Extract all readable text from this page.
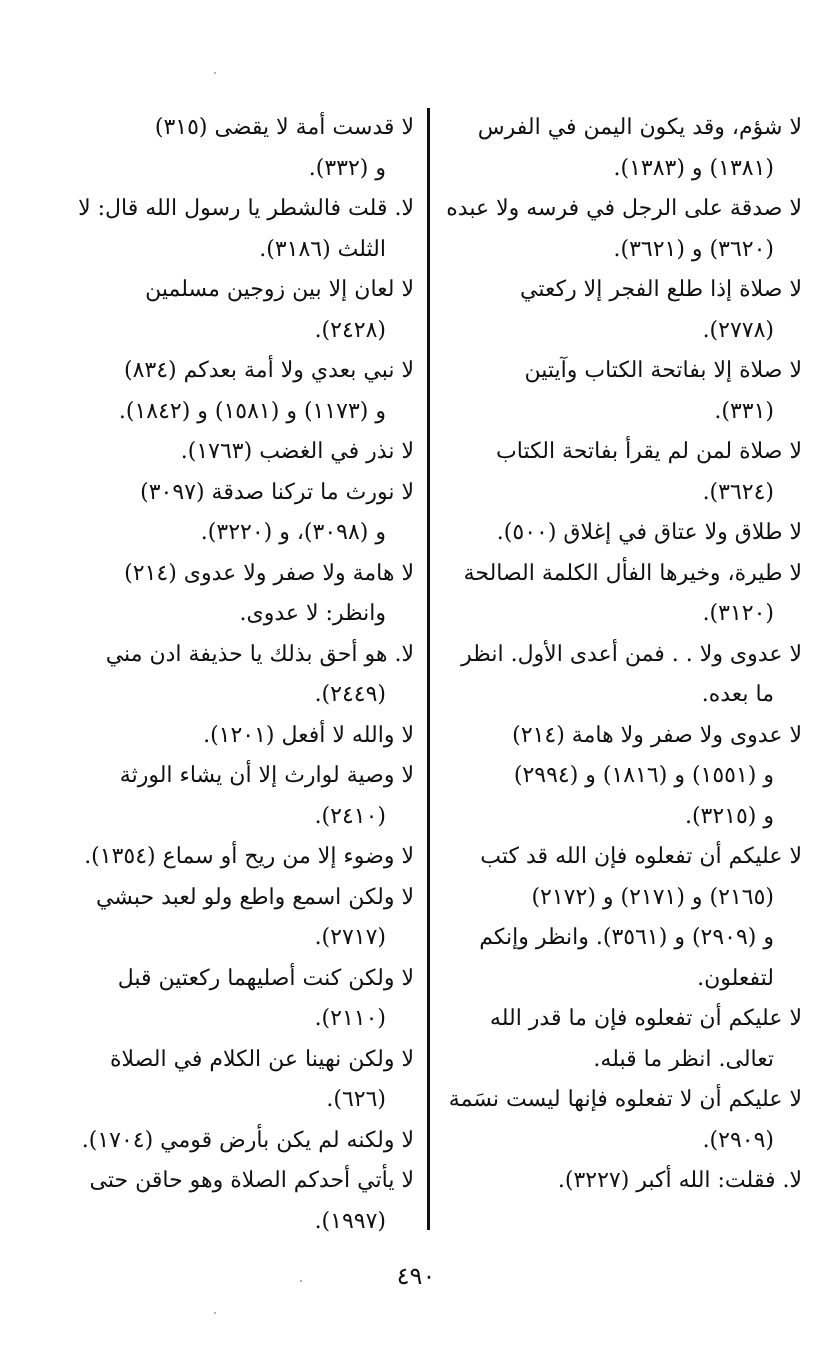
لا شؤم، وقد يكون اليمن في الفرس
(١٣٨١) و (١٣٨٣).
لا صدقة على الرجل في فرسه ولا عبده
(٣٦٢٠) و (٣٦٢١).
لا صلاة إذا طلع الفجر إلا ركعتي
(٢٧٧٨).
لا صلاة إلا بفاتحة الكتاب وآيتين
(٣٣١).
لا صلاة لمن لم يقرأ بفاتحة الكتاب
(٣٦٢٤).
لا طلاق ولا عتاق في إغلاق (٥٠٠).
لا طيرة، وخيرها الفأل الكلمة الصالحة
(٣١٢٠).
لا عدوى ولا . . فمن أعدى الأول. انظر
ما بعده.
لا عدوى ولا صفر ولا هامة (٢١٤)
و (١٥٥١) و (١٨١٦) و (٢٩٩٤)
و (٣٢١٥).
لا عليكم أن تفعلوه فإن الله قد كتب
(٢١٦٥) و (٢١٧١) و (٢١٧٢)
و (٢٩٠٩) و (٣٥٦١). وانظر وإنكم
لتفعلون.
لا عليكم أن تفعلوه فإن ما قدر الله
تعالى. انظر ما قبله.
لا عليكم أن لا تفعلوه فإنها ليست نسَمة
(٢٩٠٩).
لا. فقلت: الله أكبر (٣٢٢٧).
لا قدست أمة لا يقضى (٣١٥)
و (٣٣٢).
لا. قلت فالشطر يا رسول الله قال: لا
الثلث (٣١٨٦).
لا لعان إلا بين زوجين مسلمين
(٢٤٢٨).
لا نبي بعدي ولا أمة بعدكم (٨٣٤)
و (١١٧٣) و (١٥٨١) و (١٨٤٢).
لا نذر في الغضب (١٧٦٣).
لا نورث ما تركنا صدقة (٣٠٩٧)
و (٣٠٩٨)، و (٣٢٢٠).
لا هامة ولا صفر ولا عدوى (٢١٤)
وانظر: لا عدوى.
لا. هو أحق بذلك يا حذيفة ادن مني
(٢٤٤٩).
لا والله لا أفعل (١٢٠١).
لا وصية لوارث إلا أن يشاء الورثة
(٢٤١٠).
لا وضوء إلا من ريح أو سماع (١٣٥٤).
لا ولكن اسمع واطع ولو لعبد حبشي
(٢٧١٧).
لا ولكن كنت أصليهما ركعتين قبل
(٢١١٠).
لا ولكن نهينا عن الكلام في الصلاة
(٦٢٦).
لا ولكنه لم يكن بأرض قومي (١٧٠٤).
لا يأتي أحدكم الصلاة وهو حاقن حتى
(١٩٩٧).
٤٩٠
